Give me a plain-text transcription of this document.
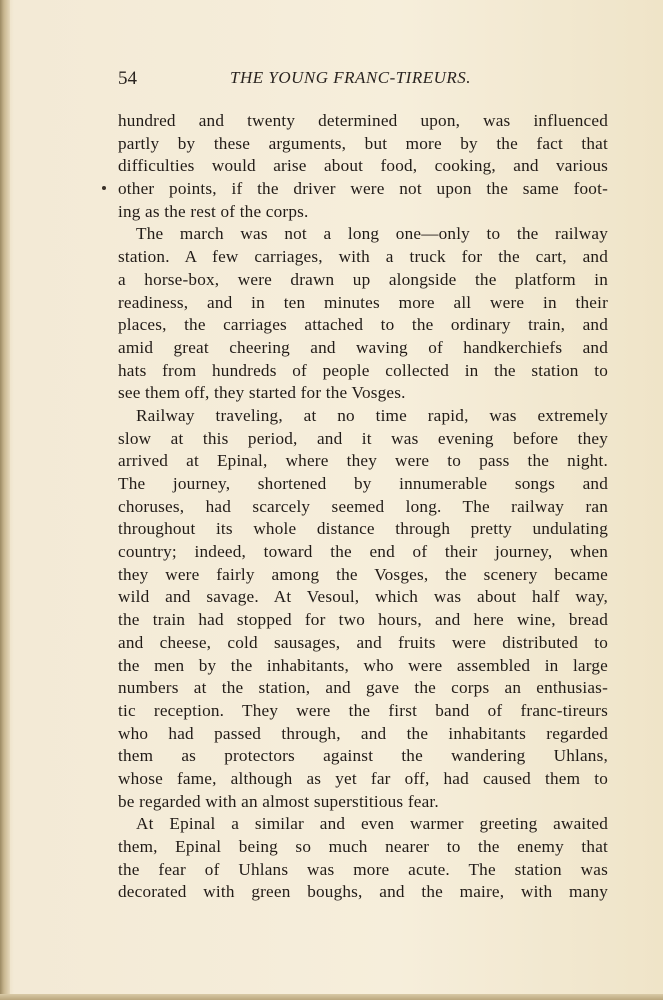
54	THE YOUNG FRANC-TIREURS.
hundred and twenty determined upon, was influenced
partly by these arguments, but more by the fact that
difficulties would arise about food, cooking, and various
other points, if the driver were not upon the same foot-
ing as the rest of the corps.
The march was not a long one—only to the railway
station. A few carriages, with a truck for the cart, and
a horse-box, were drawn up alongside the platform in
readiness, and in ten minutes more all were in their
places, the carriages attached to the ordinary train, and
amid great cheering and waving of handkerchiefs and
hats from hundreds of people collected in the station to
see them off, they started for the Vosges.
Railway traveling, at no time rapid, was extremely
slow at this period, and it was evening before they
arrived at Epinal, where they were to pass the night.
The journey, shortened by innumerable songs and
choruses, had scarcely seemed long. The railway ran
throughout its whole distance through pretty undulating
country; indeed, toward the end of their journey, when
they were fairly among the Vosges, the scenery became
wild and savage. At Vesoul, which was about half way,
the train had stopped for two hours, and here wine, bread
and cheese, cold sausages, and fruits were distributed to
the men by the inhabitants, who were assembled in large
numbers at the station, and gave the corps an enthusias-
tic reception. They were the first band of franc-tireurs
who had passed through, and the inhabitants regarded
them as protectors against the wandering Uhlans,
whose fame, although as yet far off, had caused them to
be regarded with an almost superstitious fear.
At Epinal a similar and even warmer greeting awaited
them, Epinal being so much nearer to the enemy that
the fear of Uhlans was more acute. The station was
decorated with green boughs, and the maire, with many
